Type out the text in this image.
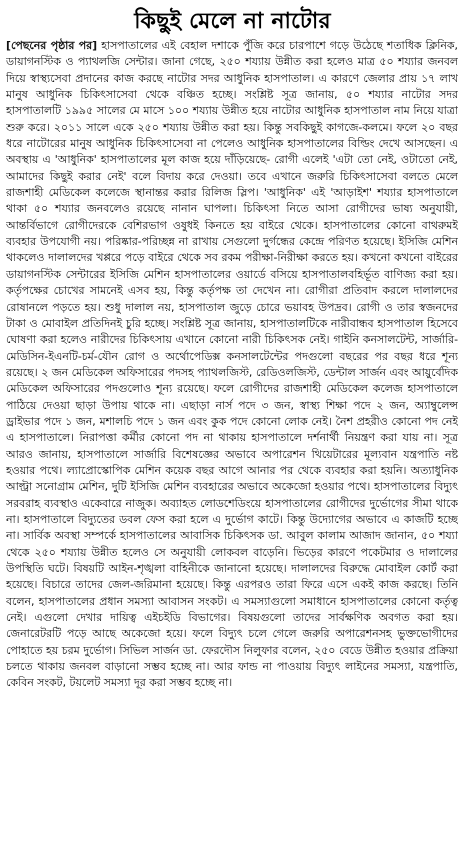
কিছুই মেলে না নাটোর

[পেছনের পৃষ্ঠার পর] হাসপাতালের এই বেহাল দশাকে পুঁজি করে চারপাশে গড়ে উঠেছে শতাধিক ক্লিনিক, ডায়াগনস্টিক ও প্যাথলজি সেন্টার। জানা গেছে, ২৫০ শয্যায় উন্নীত করা হলেও মাত্র ৫০ শয্যার জনবল দিয়ে স্বাস্থ্যসেবা প্রদানের কাজ করছে নাটোর সদর আধুনিক হাসপাতাল। এ কারণে জেলার প্রায় ১৭ লাখ মানুষ আধুনিক চিকিৎসাসেবা থেকে বঞ্চিত হচ্ছে। সংশ্লিষ্ট সূত্র জানায়, ৫০ শয্যার নাটোর সদর হাসপাতালটি ১৯৯৫ সালের মে মাসে ১০০ শয্যায় উন্নীত হয়ে নাটোর আধুনিক হাসপাতাল নাম নিয়ে যাত্রা শুরু করে। ২০১১ সালে একে ২৫০ শয্যায় উন্নীত করা হয়। কিন্তু সবকিছুই কাগজে-কলমে। ফলে ২০ বছর ধরে নাটোরের মানুষ আধুনিক চিকিৎসাসেবা না পেলেও আধুনিক হাসপাতালের বিল্ডিং দেখে আসছেন। এ অবস্থায় এ 'আধুনিক' হাসপাতালের মূল কাজ হয়ে দাঁড়িয়েছে- রোগী এলেই 'এটা তো নেই, ওটাতো নেই, আমাদের কিছুই করার নেই' বলে বিদায় করে দেওয়া। তবে এখানে জরুরি চিকিৎসাসেবা বলতে মেলে রাজশাহী মেডিকেল কলেজে স্থানান্তর করার রিলিজ স্লিপ। 'আধুনিক' এই 'আড়াইশ' শয্যার হাসপাতালে থাকা ৫০ শয্যার জনবলেও রয়েছে নানান ঘাপলা। চিকিৎসা নিতে আসা রোগীদের ভাষ্য অনুযায়ী, আন্তর্বিভাগে রোগীদেরকে বেশিরভাগ ওষুধই কিনতে হয় বাইরে থেকে। হাসপাতালের কোনো বাথরুমই ব্যবহার উপযোগী নয়। পরিষ্কার-পরিচ্ছন্ন না রাখায় সেগুলো দুর্গন্ধের কেন্দ্রে পরিণত হয়েছে। ইসিজি মেশিন থাকলেও দালালদের খপ্পরে পড়ে বাইরে থেকে সব রকম পরীক্ষা-নিরীক্ষা করতে হয়। কখনো কখনো বাইরের ডায়াগনস্টিক সেন্টারের ইসিজি মেশিন হাসপাতালের ওয়ার্ডে বসিয়ে হাসপাতালবহির্ভূত বাণিজ্য করা হয়। কর্তৃপক্ষের চোখের সামনেই এসব হয়, কিন্তু কর্তৃপক্ষ তা দেখেন না। রোগীরা প্রতিবাদ করলে দালালদের রোষানলে পড়তে হয়। শুধু দালাল নয়, হাসপাতাল জুড়ে চোরে ভয়াবহ উপদ্রব। রোগী ও তার স্বজনদের টাকা ও মোবাইল প্রতিদিনই চুরি হচ্ছে। সংশ্লিষ্ট সূত্র জানায়, হাসপাতালটিকে নারীবান্ধব হাসপাতাল হিসেবে ঘোষণা করা হলেও নারীদের চিকিৎসায় এখানে কোনো নারী চিকিৎসক নেই। গাইনি কনসালটেন্ট, সার্জারি-মেডিসিন-ইএনটি-চর্ম-যৌন রোগ ও অর্থোপেডিক্স কনসালটেন্টের পদগুলো বছরের পর বছর ধরে শূন্য রয়েছে। ২ জন মেডিকেল অফিসারের পদসহ প্যাথলজিস্ট, রেডিওলজিস্ট, ডেন্টাল সার্জন এবং আয়ুর্বেদিক মেডিকেল অফিসারের পদগুলোও শূন্য রয়েছে। ফলে রোগীদের রাজশাহী মেডিকেল কলেজ হাসপাতালে পাঠিয়ে দেওয়া ছাড়া উপায় থাকে না। এছাড়া নার্স পদে ৩ জন, স্বাস্থ্য শিক্ষা পদে ২ জন, অ্যাম্বুলেন্স ড্রাইভার পদে ১ জন, মশালচি পদে ১ জন এবং কুক পদে কোনো লোক নেই। নৈশ প্রহরীও কোনো পদ নেই এ হাসপাতালে। নিরাপত্তা কর্মীর কোনো পদ না থাকায় হাসপাতালে দর্শনার্থী নিয়ন্ত্রণ করা যায় না। সূত্র আরও জানায়, হাসপাতালে সার্জারি বিশেষজ্ঞের অভাবে অপারেশন থিয়েটারের মূল্যবান যন্ত্রপাতি নষ্ট হওয়ার পথে। ল্যাপ্রোস্কোপিক মেশিন কয়েক বছর আগে আনার পর থেকে ব্যবহার করা হয়নি। অত্যাধুনিক আল্ট্রা সনোগ্রাম মেশিন, দুটি ইসিজি মেশিন ব্যবহারের অভাবে অকেজো হওয়ার পথে। হাসপাতালের বিদ্যুৎ সরবরাহ ব্যবস্থাও একেবারে নাজুক। অব্যাহত লোডশেডিংয়ে হাসপাতালের রোগীদের দুর্ভোগের সীমা থাকে না। হাসপাতালে বিদ্যুতের ডবল ফেস করা হলে এ দুর্ভোগ কাটে। কিন্তু উদ্যোগের অভাবে এ কাজটি হচ্ছে না। সার্বিক অবস্থা সম্পর্কে হাসপাতালের আবাসিক চিকিৎসক ডা. আবুল কালাম আজাদ জানান, ৫০ শয্যা থেকে ২৫০ শয্যায় উন্নীত হলেও সে অনুযায়ী লোকবল বাড়েনি। ভিড়ের কারণে পকেটমার ও দালালের উপস্থিতি ঘটে। বিষয়টি আইন-শৃঙ্খলা বাহিনীকে জানানো হয়েছে। দালালদের বিরুদ্ধে মোবাইল কোর্ট করা হয়েছে। বিচারে তাদের জেল-জরিমানা হয়েছে। কিন্তু এরপরও তারা ফিরে এসে একই কাজ করছে। তিনি বলেন, হাসপাতালের প্রধান সমস্যা আবাসন সংকট। এ সমস্যাগুলো সমাধানে হাসপাতালের কোনো কর্তৃত্ব নেই। এগুলো দেখার দায়িত্ব এইচইডি বিভাগের। বিষয়গুলো তাদের সার্বক্ষণিক অবগত করা হয়। জেনারেটরটি পড়ে আছে অকেজো হয়ে। ফলে বিদ্যুৎ চলে গেলে জরুরি অপারেশনসহ ভুক্তভোগীদের পোহাতে হয় চরম দুর্ভোগ। সিভিল সার্জন ডা. ফেরদৌস নিলুফার বলেন, ২৫০ বেডে উন্নীত হওয়ার প্রক্রিয়া চলতে থাকায় জনবল বাড়ানো সম্ভব হচ্ছে না। আর ফান্ড না পাওয়ায় বিদ্যুৎ লাইনের সমস্যা, যন্ত্রপাতি, কেবিন সংকট, টয়লেট সমস্যা দূর করা সম্ভব হচ্ছে না।
